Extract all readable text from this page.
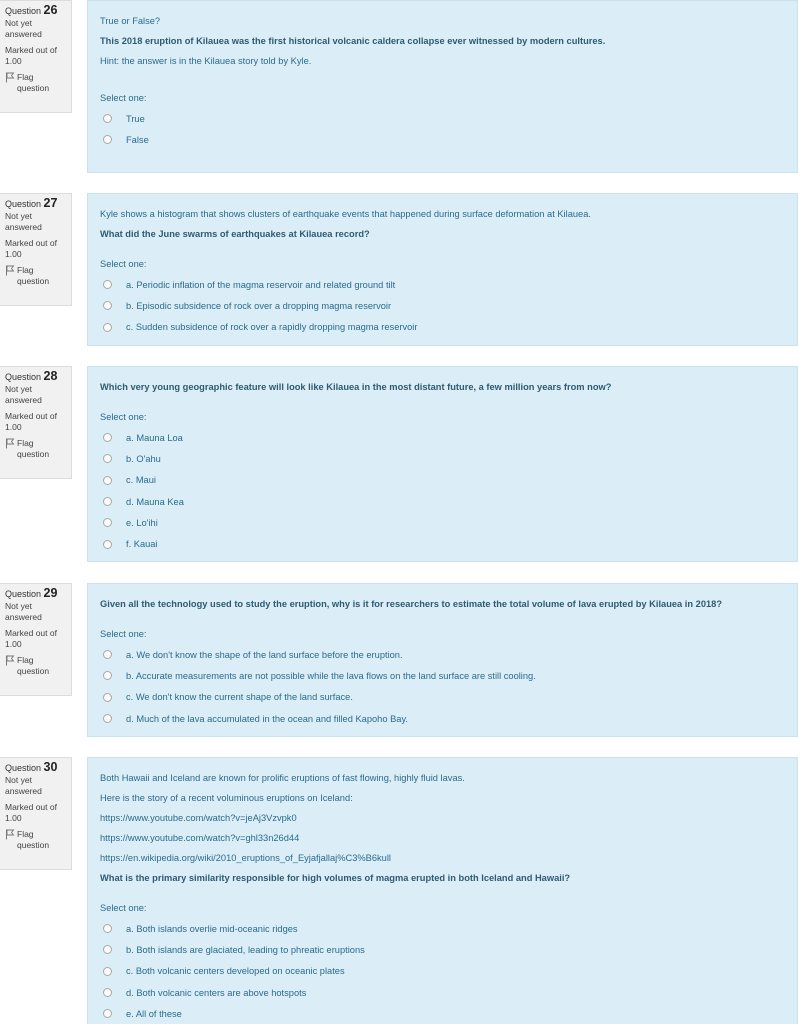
Question 26
Not yet answered
Marked out of 1.00
Flag question
True or False?
This 2018 eruption of Kilauea was the first historical volcanic caldera collapse ever witnessed by modern cultures.
Hint: the answer is in the Kilauea story told by Kyle.
Select one:
True
False
Question 27
Not yet answered
Marked out of 1.00
Flag question
Kyle shows a histogram that shows clusters of earthquake events that happened during surface deformation at Kilauea.
What did the June swarms of earthquakes at Kilauea record?
Select one:
a. Periodic inflation of the magma reservoir and related ground tilt
b. Episodic subsidence of rock over a dropping magma reservoir
c. Sudden subsidence of rock over a rapidly dropping magma reservoir
Question 28
Not yet answered
Marked out of 1.00
Flag question
Which very young geographic feature will look like Kilauea in the most distant future, a few million years from now?
Select one:
a. Mauna Loa
b. O'ahu
c. Maui
d. Mauna Kea
e. Lo'ihi
f. Kauai
Question 29
Not yet answered
Marked out of 1.00
Flag question
Given all the technology used to study the eruption, why is it for researchers to estimate the total volume of lava erupted by Kilauea in 2018?
Select one:
a. We don't know the shape of the land surface before the eruption.
b. Accurate measurements are not possible while the lava flows on the land surface are still cooling.
c. We don't know the current shape of the land surface.
d. Much of the lava accumulated in the ocean and filled Kapoho Bay.
Question 30
Not yet answered
Marked out of 1.00
Flag question
Both Hawaii and Iceland are known for prolific eruptions of fast flowing, highly fluid lavas.
Here is the story of a recent voluminous eruptions on Iceland:
https://www.youtube.com/watch?v=jeAj3Vzvpk0
https://www.youtube.com/watch?v=ghl33n26d44
https://en.wikipedia.org/wiki/2010_eruptions_of_Eyjafjallaj%C3%B6kull
What is the primary similarity responsible for high volumes of magma erupted in both Iceland and Hawaii?
Select one:
a. Both islands overlie mid-oceanic ridges
b. Both islands are glaciated, leading to phreatic eruptions
c. Both volcanic centers developed on oceanic plates
d. Both volcanic centers are above hotspots
e. All of these
